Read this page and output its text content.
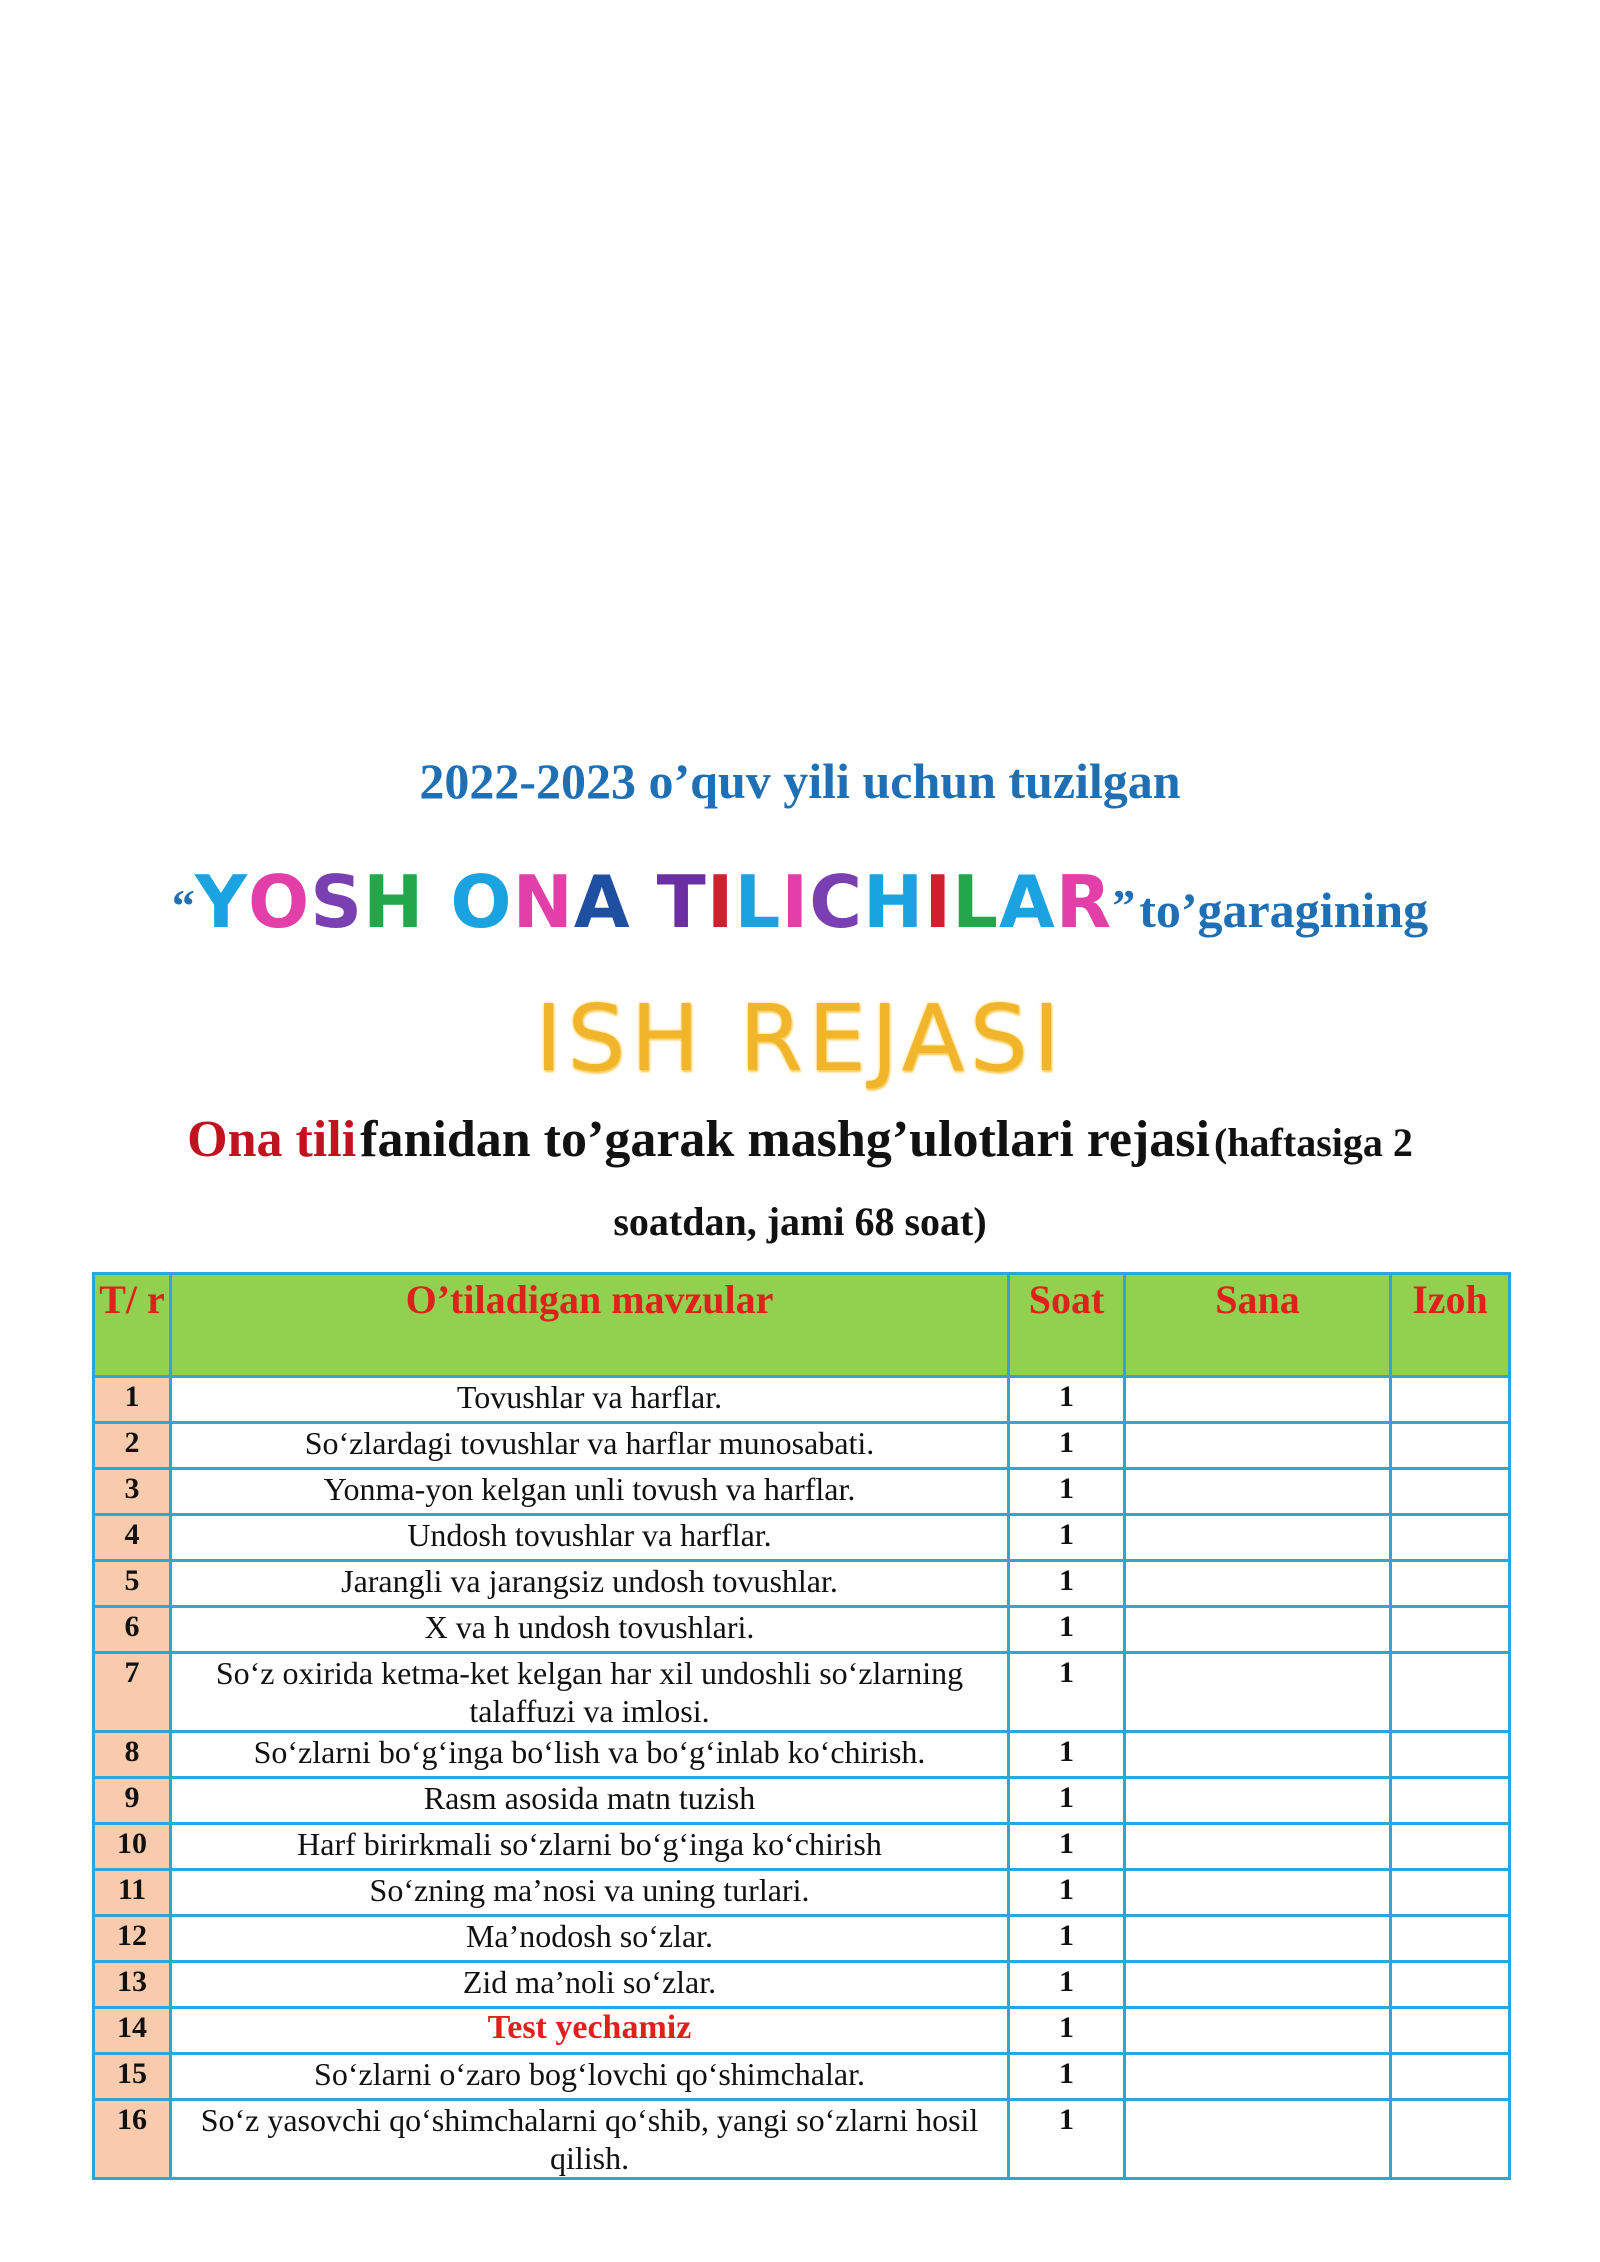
2022-2023 o’quv yili uchun tuzilgan
“YOSH ONA TILICHILAR” to’garagining
ISH REJASI
Ona tili fanidan to’garak mashg’ulotlari rejasi (haftasiga 2
soatdan, jami 68 soat)
T/ r	O’tiladigan mavzular	Soat	Sana	Izoh
1	Tovushlar va harflar.	1		
2	So‘zlardagi tovushlar va harflar munosabati.	1		
3	Yonma-yon kelgan unli tovush va harflar.	1		
4	Undosh tovushlar va harflar.	1		
5	Jarangli va jarangsiz undosh tovushlar.	1		
6	X va h undosh tovushlari.	1		
7	So‘z oxirida ketma-ket kelgan har xil undoshli so‘zlarning talaffuzi va imlosi.	1		
8	So‘zlarni bo‘g‘inga bo‘lish va bo‘g‘inlab ko‘chirish.	1		
9	Rasm asosida matn tuzish	1		
10	Harf birirkmali so‘zlarni bo‘g‘inga ko‘chirish	1		
11	So‘zning ma’nosi va uning turlari.	1		
12	Ma’nodosh so‘zlar.	1		
13	Zid ma’noli so‘zlar.	1		
14	Test yechamiz	1		
15	So‘zlarni o‘zaro bog‘lovchi qo‘shimchalar.	1		
16	So‘z yasovchi qo‘shimchalarni qo‘shib, yangi so‘zlarni hosil qilish.	1		
